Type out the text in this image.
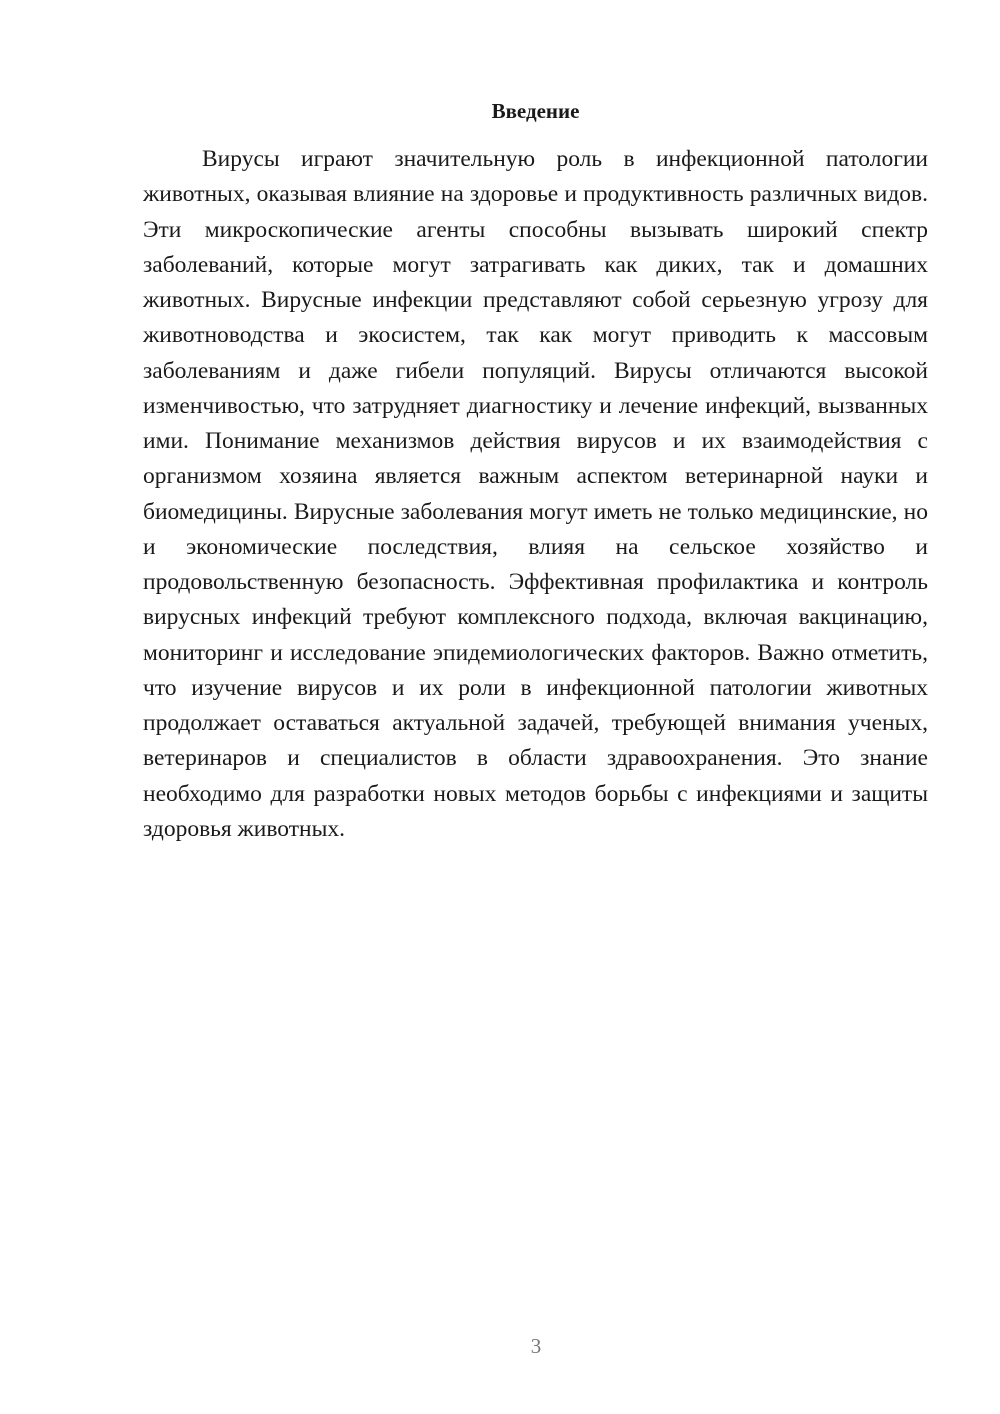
Введение

Вирусы играют значительную роль в инфекционной патологии животных, оказывая влияние на здоровье и продуктивность различных видов. Эти микроскопические агенты способны вызывать широкий спектр заболеваний, которые могут затрагивать как диких, так и домашних животных. Вирусные инфекции представляют собой серьезную угрозу для животноводства и экосистем, так как могут приводить к массовым заболеваниям и даже гибели популяций. Вирусы отличаются высокой изменчивостью, что затрудняет диагностику и лечение инфекций, вызванных ими. Понимание механизмов действия вирусов и их взаимодействия с организмом хозяина является важным аспектом ветеринарной науки и биомедицины. Вирусные заболевания могут иметь не только медицинские, но и экономические последствия, влияя на сельское хозяйство и продовольственную безопасность. Эффективная профилактика и контроль вирусных инфекций требуют комплексного подхода, включая вакцинацию, мониторинг и исследование эпидемиологических факторов. Важно отметить, что изучение вирусов и их роли в инфекционной патологии животных продолжает оставаться актуальной задачей, требующей внимания ученых, ветеринаров и специалистов в области здравоохранения. Это знание необходимо для разработки новых методов борьбы с инфекциями и защиты здоровья животных.

3
